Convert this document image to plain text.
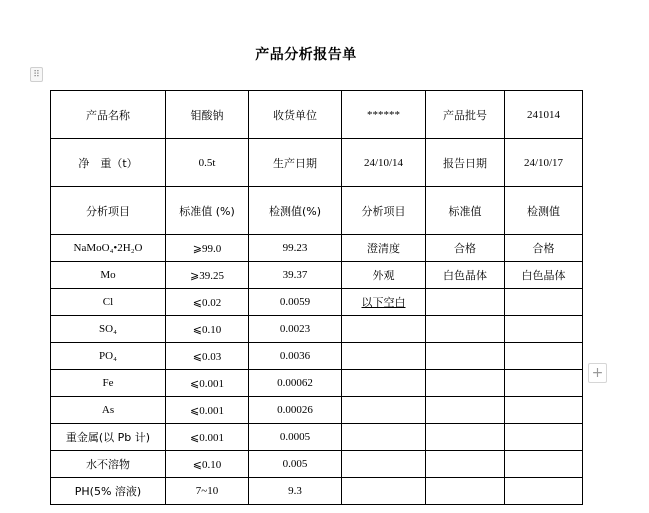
产品分析报告单
⠿
+
产品名称	钼酸钠	收货单位	******	产品批号	241014
净　重（t）	0.5t	生产日期	24/10/14	报告日期	24/10/17
分析项目	标准值 (%)	检测值(%)	分析项目	标准值	检测值
NaMoO₄•2H₂O	⩾99.0	99.23	澄清度	合格	合格
Mo	⩾39.25	39.37	外观	白色晶体	白色晶体
Cl	⩽0.02	0.0059	以下空白		
SO₄	⩽0.10	0.0023			
PO₄	⩽0.03	0.0036			
Fe	⩽0.001	0.00062			
As	⩽0.001	0.00026			
重金属(以 Pb 计)	⩽0.001	0.0005			
水不溶物	⩽0.10	0.005			
PH(5% 溶液)	7~10	9.3			
